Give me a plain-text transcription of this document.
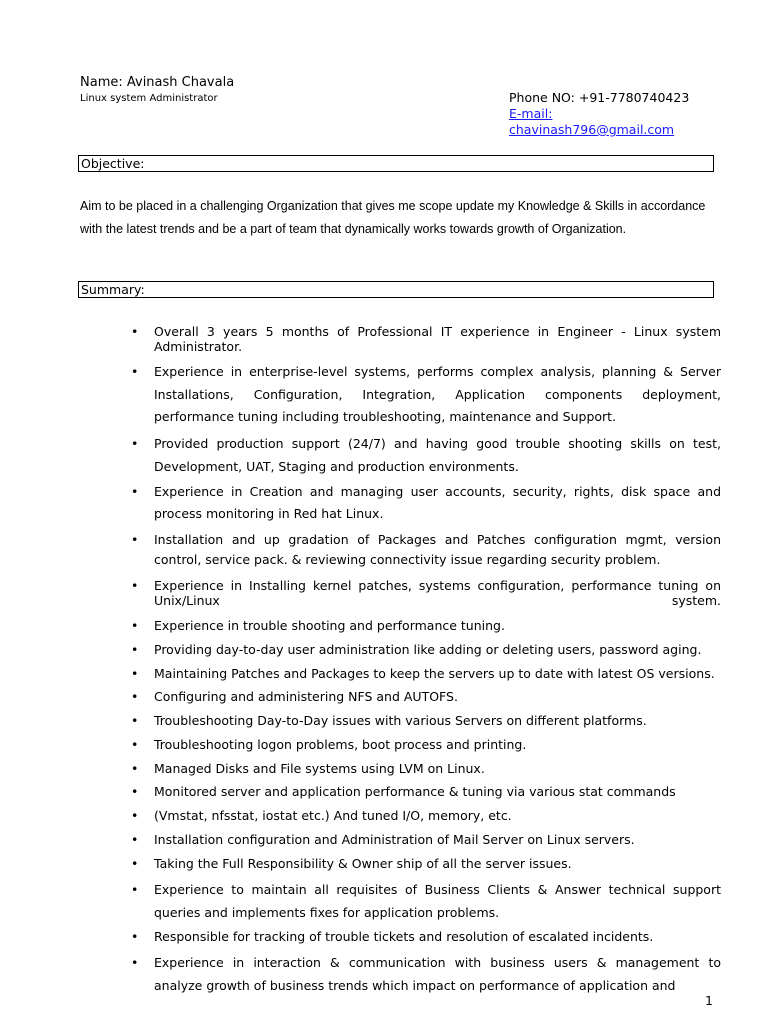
Name: Avinash Chavala
Linux system Administrator	Phone NO: +91-7780740423
E-mail:
chavinash796@gmail.com
Objective:
Aim to be placed in a challenging Organization that gives me scope update my Knowledge & Skills in accordance with the latest trends and be a part of team that dynamically works towards growth of Organization.
Summary:
• Overall 3 years 5 months of Professional IT experience in Engineer - Linux system Administrator.
• Experience in enterprise-level systems, performs complex analysis, planning & Server Installations, Configuration, Integration, Application components deployment, performance tuning including troubleshooting, maintenance and Support.
• Provided production support (24/7) and having good trouble shooting skills on test, Development, UAT, Staging and production environments.
• Experience in Creation and managing user accounts, security, rights, disk space and process monitoring in Red hat Linux.
• Installation and up gradation of Packages and Patches configuration mgmt, version control, service pack. & reviewing connectivity issue regarding security problem.
• Experience in Installing kernel patches, systems configuration, performance tuning on Unix/Linux system.
• Experience in trouble shooting and performance tuning.
• Providing day-to-day user administration like adding or deleting users, password aging.
• Maintaining Patches and Packages to keep the servers up to date with latest OS versions.
• Configuring and administering NFS and AUTOFS.
• Troubleshooting Day-to-Day issues with various Servers on different platforms.
• Troubleshooting logon problems, boot process and printing.
• Managed Disks and File systems using LVM on Linux.
• Monitored server and application performance & tuning via various stat commands
• (Vmstat, nfsstat, iostat etc.) And tuned I/O, memory, etc.
• Installation configuration and Administration of Mail Server on Linux servers.
• Taking the Full Responsibility & Owner ship of all the server issues.
• Experience to maintain all requisites of Business Clients & Answer technical support queries and implements fixes for application problems.
• Responsible for tracking of trouble tickets and resolution of escalated incidents.
• Experience in interaction & communication with business users & management to analyze growth of business trends which impact on performance of application and
1
